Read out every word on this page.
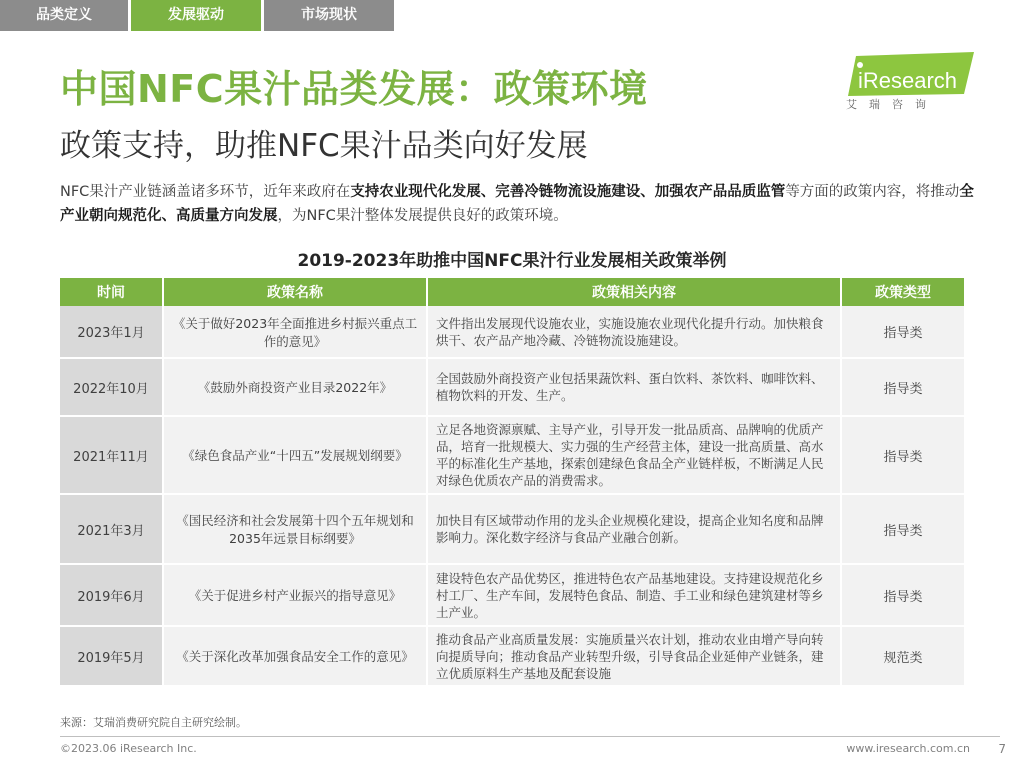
品类定义	发展驱动	市场现状
中国NFC果汁品类发展：政策环境
政策支持，助推NFC果汁品类向好发展
iResearch
艾瑞咨询
NFC果汁产业链涵盖诸多环节，近年来政府在支持农业现代化发展、完善冷链物流设施建设、加强农产品品质监管等方面的政策内容，将推动全产业朝向规范化、高质量方向发展，为NFC果汁整体发展提供良好的政策环境。
2019-2023年助推中国NFC果汁行业发展相关政策举例
时间	政策名称	政策相关内容	政策类型
2023年1月	《关于做好2023年全面推进乡村振兴重点工作的意见》	文件指出发展现代设施农业，实施设施农业现代化提升行动。加快粮食烘干、农产品产地冷藏、冷链物流设施建设。	指导类
2022年10月	《鼓励外商投资产业目录2022年》	全国鼓励外商投资产业包括果蔬饮料、蛋白饮料、茶饮料、咖啡饮料、植物饮料的开发、生产。	指导类
2021年11月	《绿色食品产业“十四五”发展规划纲要》	立足各地资源禀赋、主导产业，引导开发一批品质高、品牌响的优质产品，培育一批规模大、实力强的生产经营主体，建设一批高质量、高水平的标准化生产基地，探索创建绿色食品全产业链样板，不断满足人民对绿色优质农产品的消费需求。	指导类
2021年3月	《国民经济和社会发展第十四个五年规划和2035年远景目标纲要》	加快目有区域带动作用的龙头企业规模化建设，提高企业知名度和品牌影响力。深化数字经济与食品产业融合创新。	指导类
2019年6月	《关于促进乡村产业振兴的指导意见》	建设特色农产品优势区，推进特色农产品基地建设。支持建设规范化乡村工厂、生产车间，发展特色食品、制造、手工业和绿色建筑建材等乡土产业。	指导类
2019年5月	《关于深化改革加强食品安全工作的意见》	推动食品产业高质量发展：实施质量兴农计划，推动农业由增产导向转向提质导向；推动食品产业转型升级，引导食品企业延伸产业链条，建立优质原料生产基地及配套设施	规范类
来源：艾瑞消费研究院自主研究绘制。
©2023.06 iResearch Inc.	www.iresearch.com.cn 7
